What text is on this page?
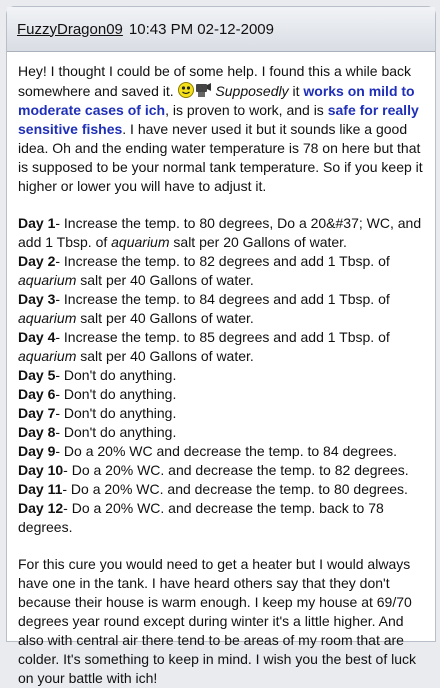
FuzzyDragon09 10:43 PM 02-12-2009

Hey! I thought I could be of some help. I found this a while back somewhere and saved it.	Supposedly it works on mild to moderate cases of ich, is proven to work, and is safe for really sensitive fishes. I have never used it but it sounds like a good idea. Oh and the ending water temperature is 78 on here but that is supposed to be your normal tank temperature. So if you keep it higher or lower you will have to adjust it.

Day 1- Increase the temp. to 80 degrees, Do a 20&#37; WC, and add 1 Tbsp. of aquarium salt per 20 Gallons of water.
Day 2- Increase the temp. to 82 degrees and add 1 Tbsp. of aquarium salt per 40 Gallons of water.
Day 3- Increase the temp. to 84 degrees and add 1 Tbsp. of aquarium salt per 40 Gallons of water.
Day 4- Increase the temp. to 85 degrees and add 1 Tbsp. of aquarium salt per 40 Gallons of water.
Day 5- Don't do anything.
Day 6- Don't do anything.
Day 7- Don't do anything.
Day 8- Don't do anything.
Day 9- Do a 20% WC and decrease the temp. to 84 degrees.
Day 10- Do a 20% WC. and decrease the temp. to 82 degrees.
Day 11- Do a 20% WC. and decrease the temp. to 80 degrees.
Day 12- Do a 20% WC. and decrease the temp. back to 78 degrees.

For this cure you would need to get a heater but I would always have one in the tank. I have heard others say that they don't because their house is warm enough. I keep my house at 69/70 degrees year round except during winter it's a little higher. And also with central air there tend to be areas of my room that are colder. It's something to keep in mind. I wish you the best of luck on your battle with ich!
